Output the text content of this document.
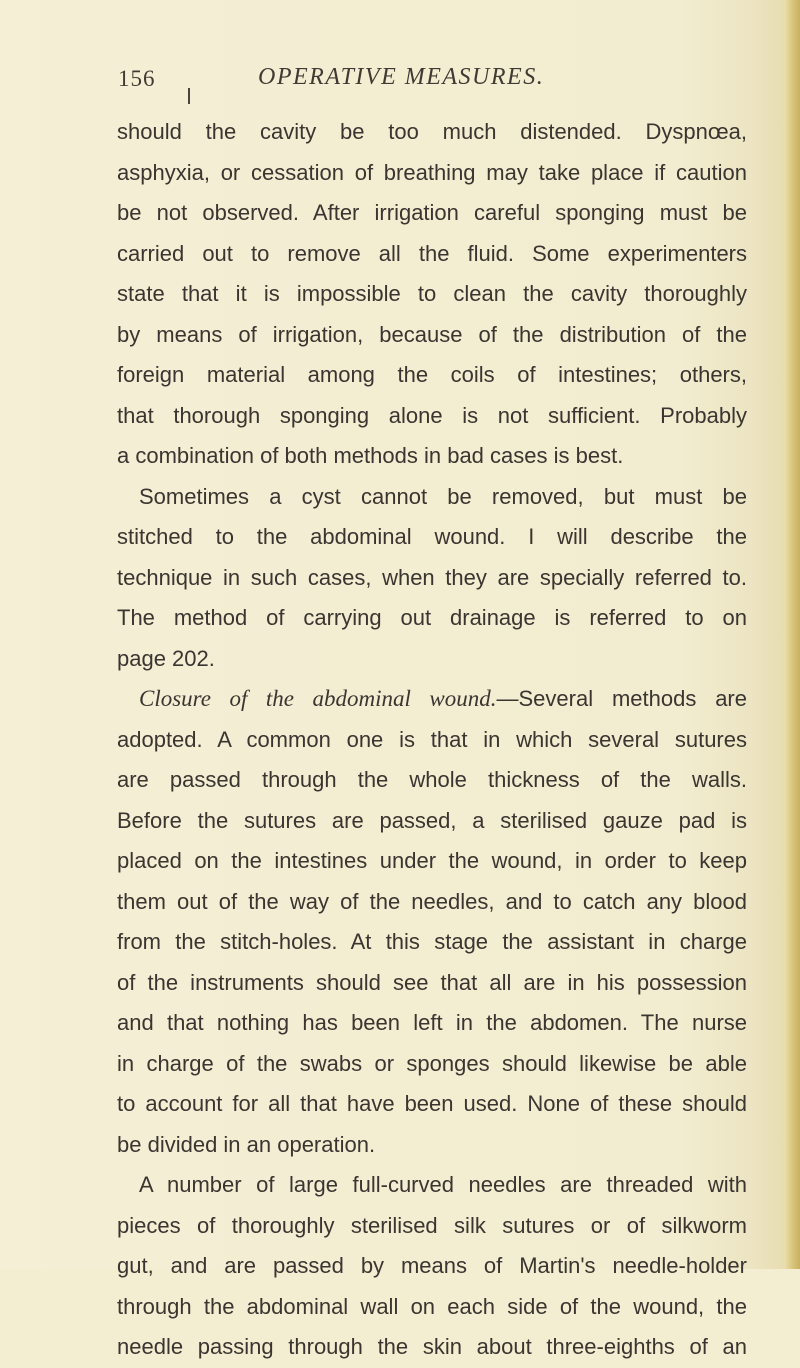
156	OPERATIVE MEASURES.
should the cavity be too much distended. Dyspnœa,
asphyxia, or cessation of breathing may take place if caution
be not observed. After irrigation careful sponging must be
carried out to remove all the fluid. Some experimenters
state that it is impossible to clean the cavity thoroughly
by means of irrigation, because of the distribution of the
foreign material among the coils of intestines; others,
that thorough sponging alone is not sufficient. Probably
a combination of both methods in bad cases is best.
Sometimes a cyst cannot be removed, but must be
stitched to the abdominal wound. I will describe the
technique in such cases, when they are specially referred to.
The method of carrying out drainage is referred to on
page 202.
Closure of the abdominal wound.—Several methods are
adopted. A common one is that in which several sutures
are passed through the whole thickness of the walls.
Before the sutures are passed, a sterilised gauze pad is
placed on the intestines under the wound, in order to keep
them out of the way of the needles, and to catch any blood
from the stitch-holes. At this stage the assistant in charge
of the instruments should see that all are in his possession
and that nothing has been left in the abdomen. The nurse
in charge of the swabs or sponges should likewise be able
to account for all that have been used. None of these should
be divided in an operation.
A number of large full-curved needles are threaded with
pieces of thoroughly sterilised silk sutures or of silkworm
gut, and are passed by means of Martin's needle-holder
through the abdominal wall on each side of the wound, the
needle passing through the skin about three-eighths of an
